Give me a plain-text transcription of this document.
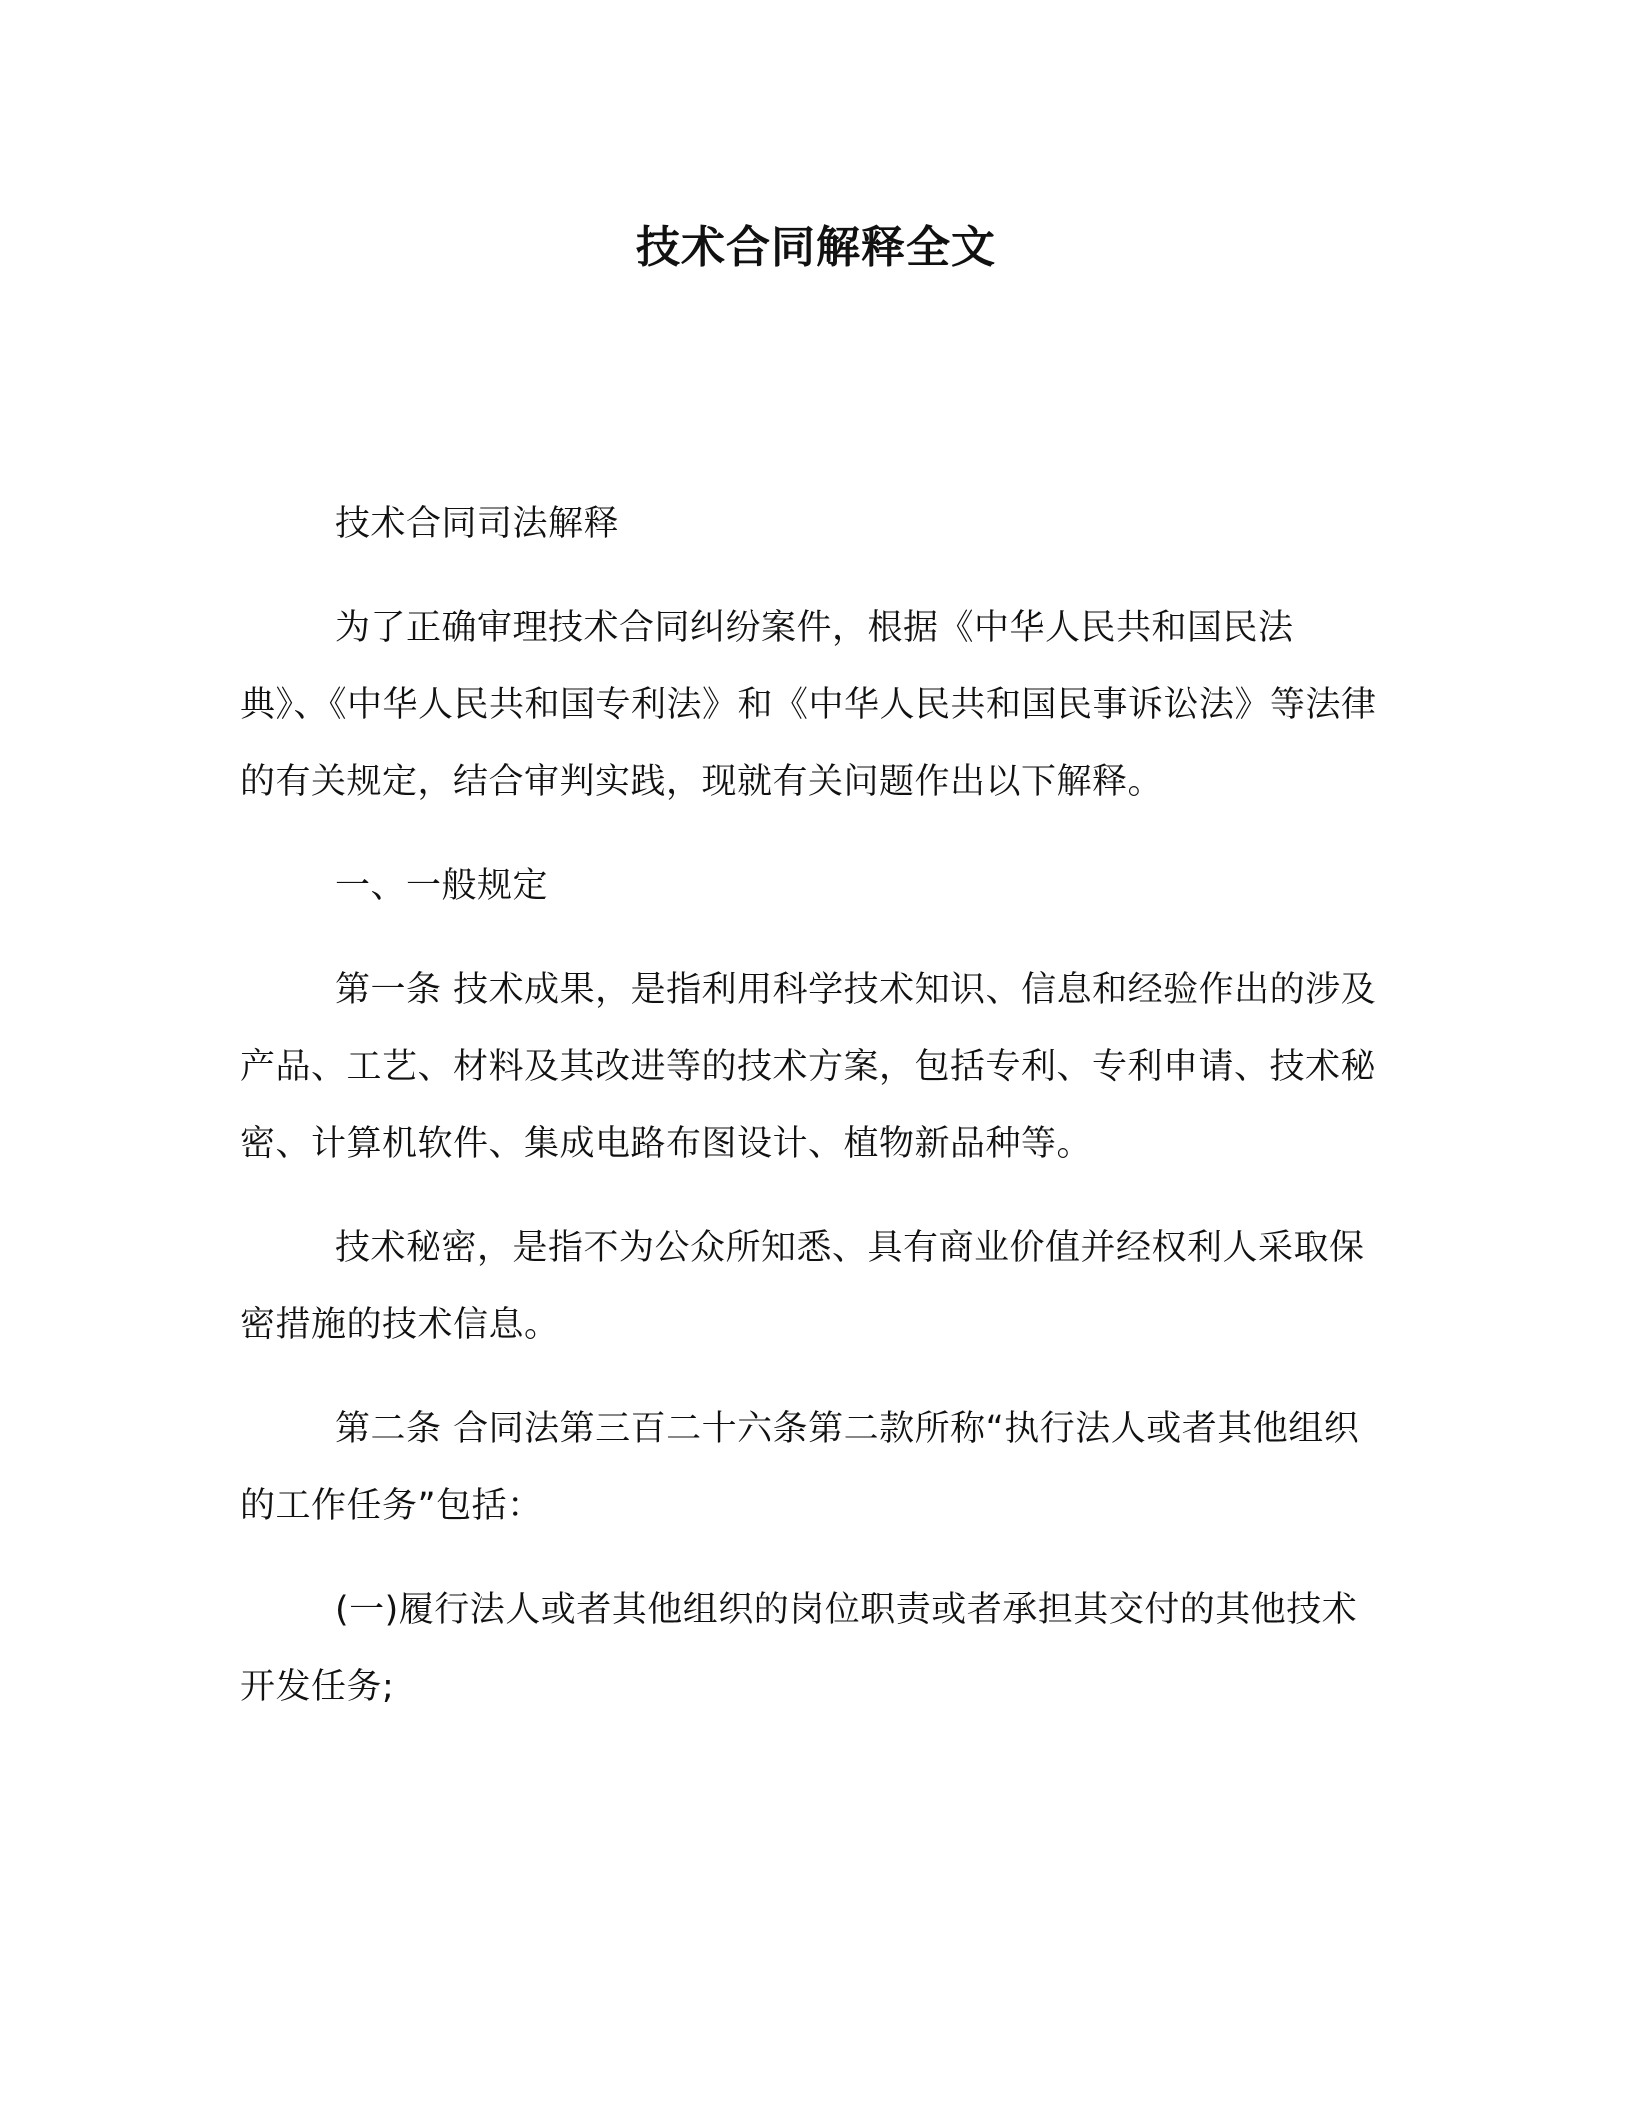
技术合同解释全文

技术合同司法解释

为了正确审理技术合同纠纷案件，根据《中华人民共和国民法典》、《中华人民共和国专利法》和《中华人民共和国民事诉讼法》等法律的有关规定，结合审判实践，现就有关问题作出以下解释。

一、一般规定

第一条 技术成果，是指利用科学技术知识、信息和经验作出的涉及产品、工艺、材料及其改进等的技术方案，包括专利、专利申请、技术秘密、计算机软件、集成电路布图设计、植物新品种等。

技术秘密，是指不为公众所知悉、具有商业价值并经权利人采取保密措施的技术信息。

第二条 合同法第三百二十六条第二款所称“执行法人或者其他组织的工作任务”包括：

(一)履行法人或者其他组织的岗位职责或者承担其交付的其他技术开发任务;
